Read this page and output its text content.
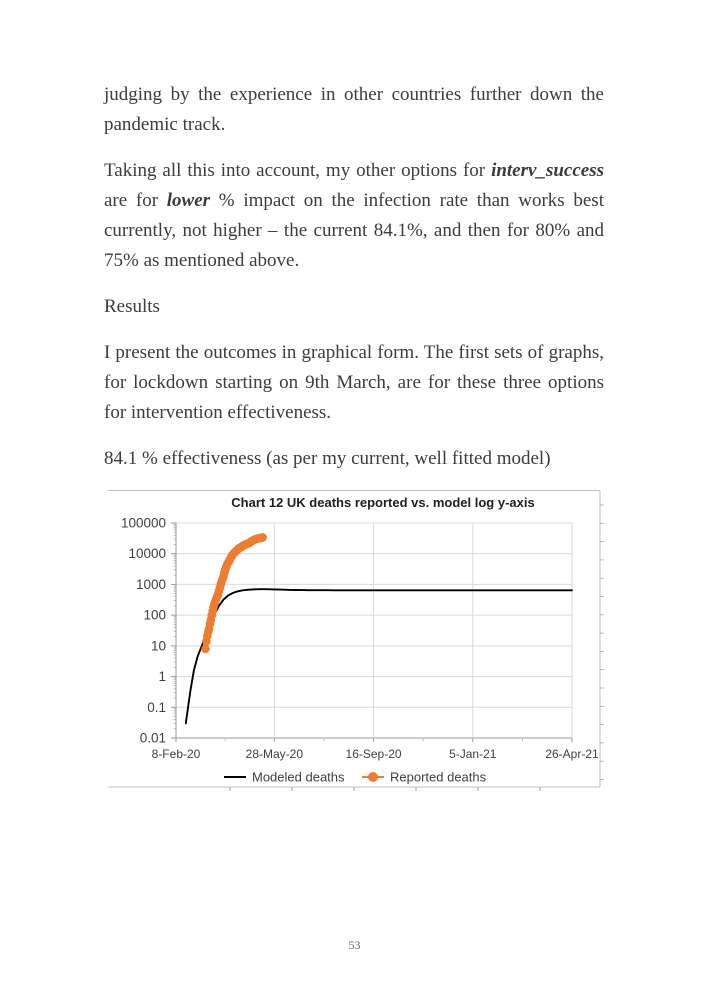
judging by the experience in other countries further down the pandemic track.

Taking all this into account, my other options for interv_success are for lower % impact on the infection rate than works best currently, not higher – the current 84.1%, and then for 80% and 75% as mentioned above.

Results

I present the outcomes in graphical form. The first sets of graphs, for lockdown starting on 9th March, are for these three options for intervention effectiveness.

84.1 % effectiveness (as per my current, well fitted model)

100000
10000
1000
100
10
1
0.1
0.01
8-Feb-20	28-May-20	16-Sep-20	5-Jan-21	26-Apr-21
Chart 12 UK deaths reported vs. model log y-axis
Modeled deaths	Reported deaths
53
